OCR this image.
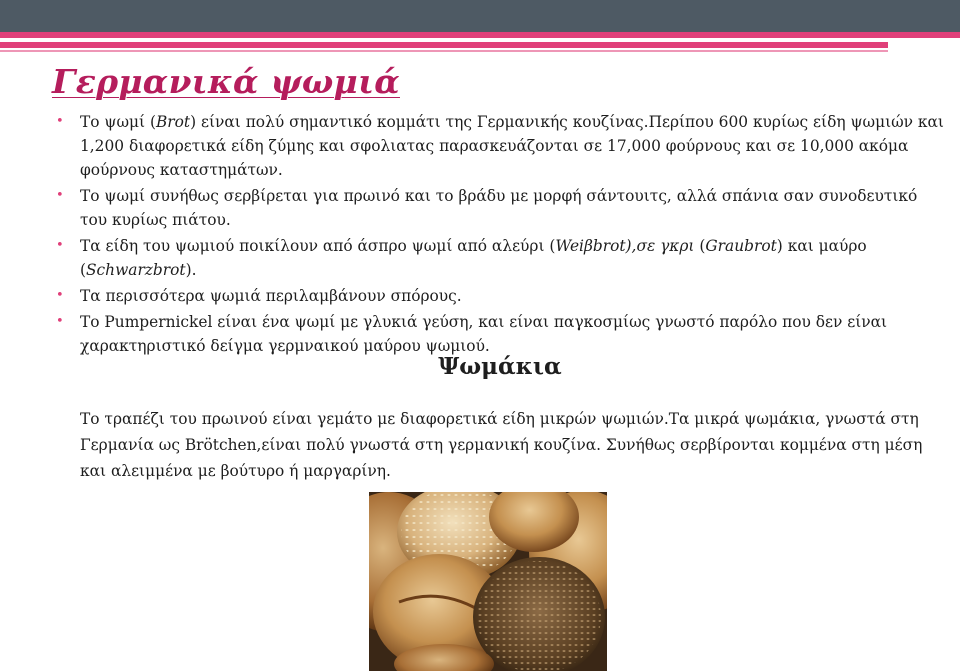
Γερμανικά ψωμιά
• Το ψωμί (Brot) είναι πολύ σημαντικό κομμάτι της Γερμανικής κουζίνας.Περίπου 600 κυρίως είδη ψωμιών και 1,200 διαφορετικά είδη ζύμης και σφολιατας παρασκευάζονται σε 17,000 φούρνους και σε 10,000 ακόμα φούρνους καταστημάτων.
• Το ψωμί συνήθως σερβίρεται για πρωινό και το βράδυ με μορφή σάντουιτς, αλλά σπάνια σαν συνοδευτικό του κυρίως πιάτου.
• Τα είδη του ψωμιού ποικίλουν από άσπρο ψωμί από αλεύρι (Weiβbrot),σε γκρι (Graubrot) και μαύρο (Schwarzbrot).
• Τα περισσότερα ψωμιά περιλαμβάνουν σπόρους.
• Το Pumpernickel είναι ένα ψωμί με γλυκιά γεύση, και είναι παγκοσμίως γνωστό παρόλο που δεν είναι χαρακτηριστικό δείγμα γερμναικού μαύρου ψωμιού.
Ψωμάκια

Το τραπέζι του πρωινού είναι γεμάτο με διαφορετικά είδη μικρών ψωμιών.Τα μικρά ψωμάκια, γνωστά στη Γερμανία ως Brötchen,είναι πολύ γνωστά στη γερμανική κουζίνα. Συνήθως σερβίρονται κομμένα στη μέση και αλειμμένα με βούτυρο ή μαργαρίνη.
